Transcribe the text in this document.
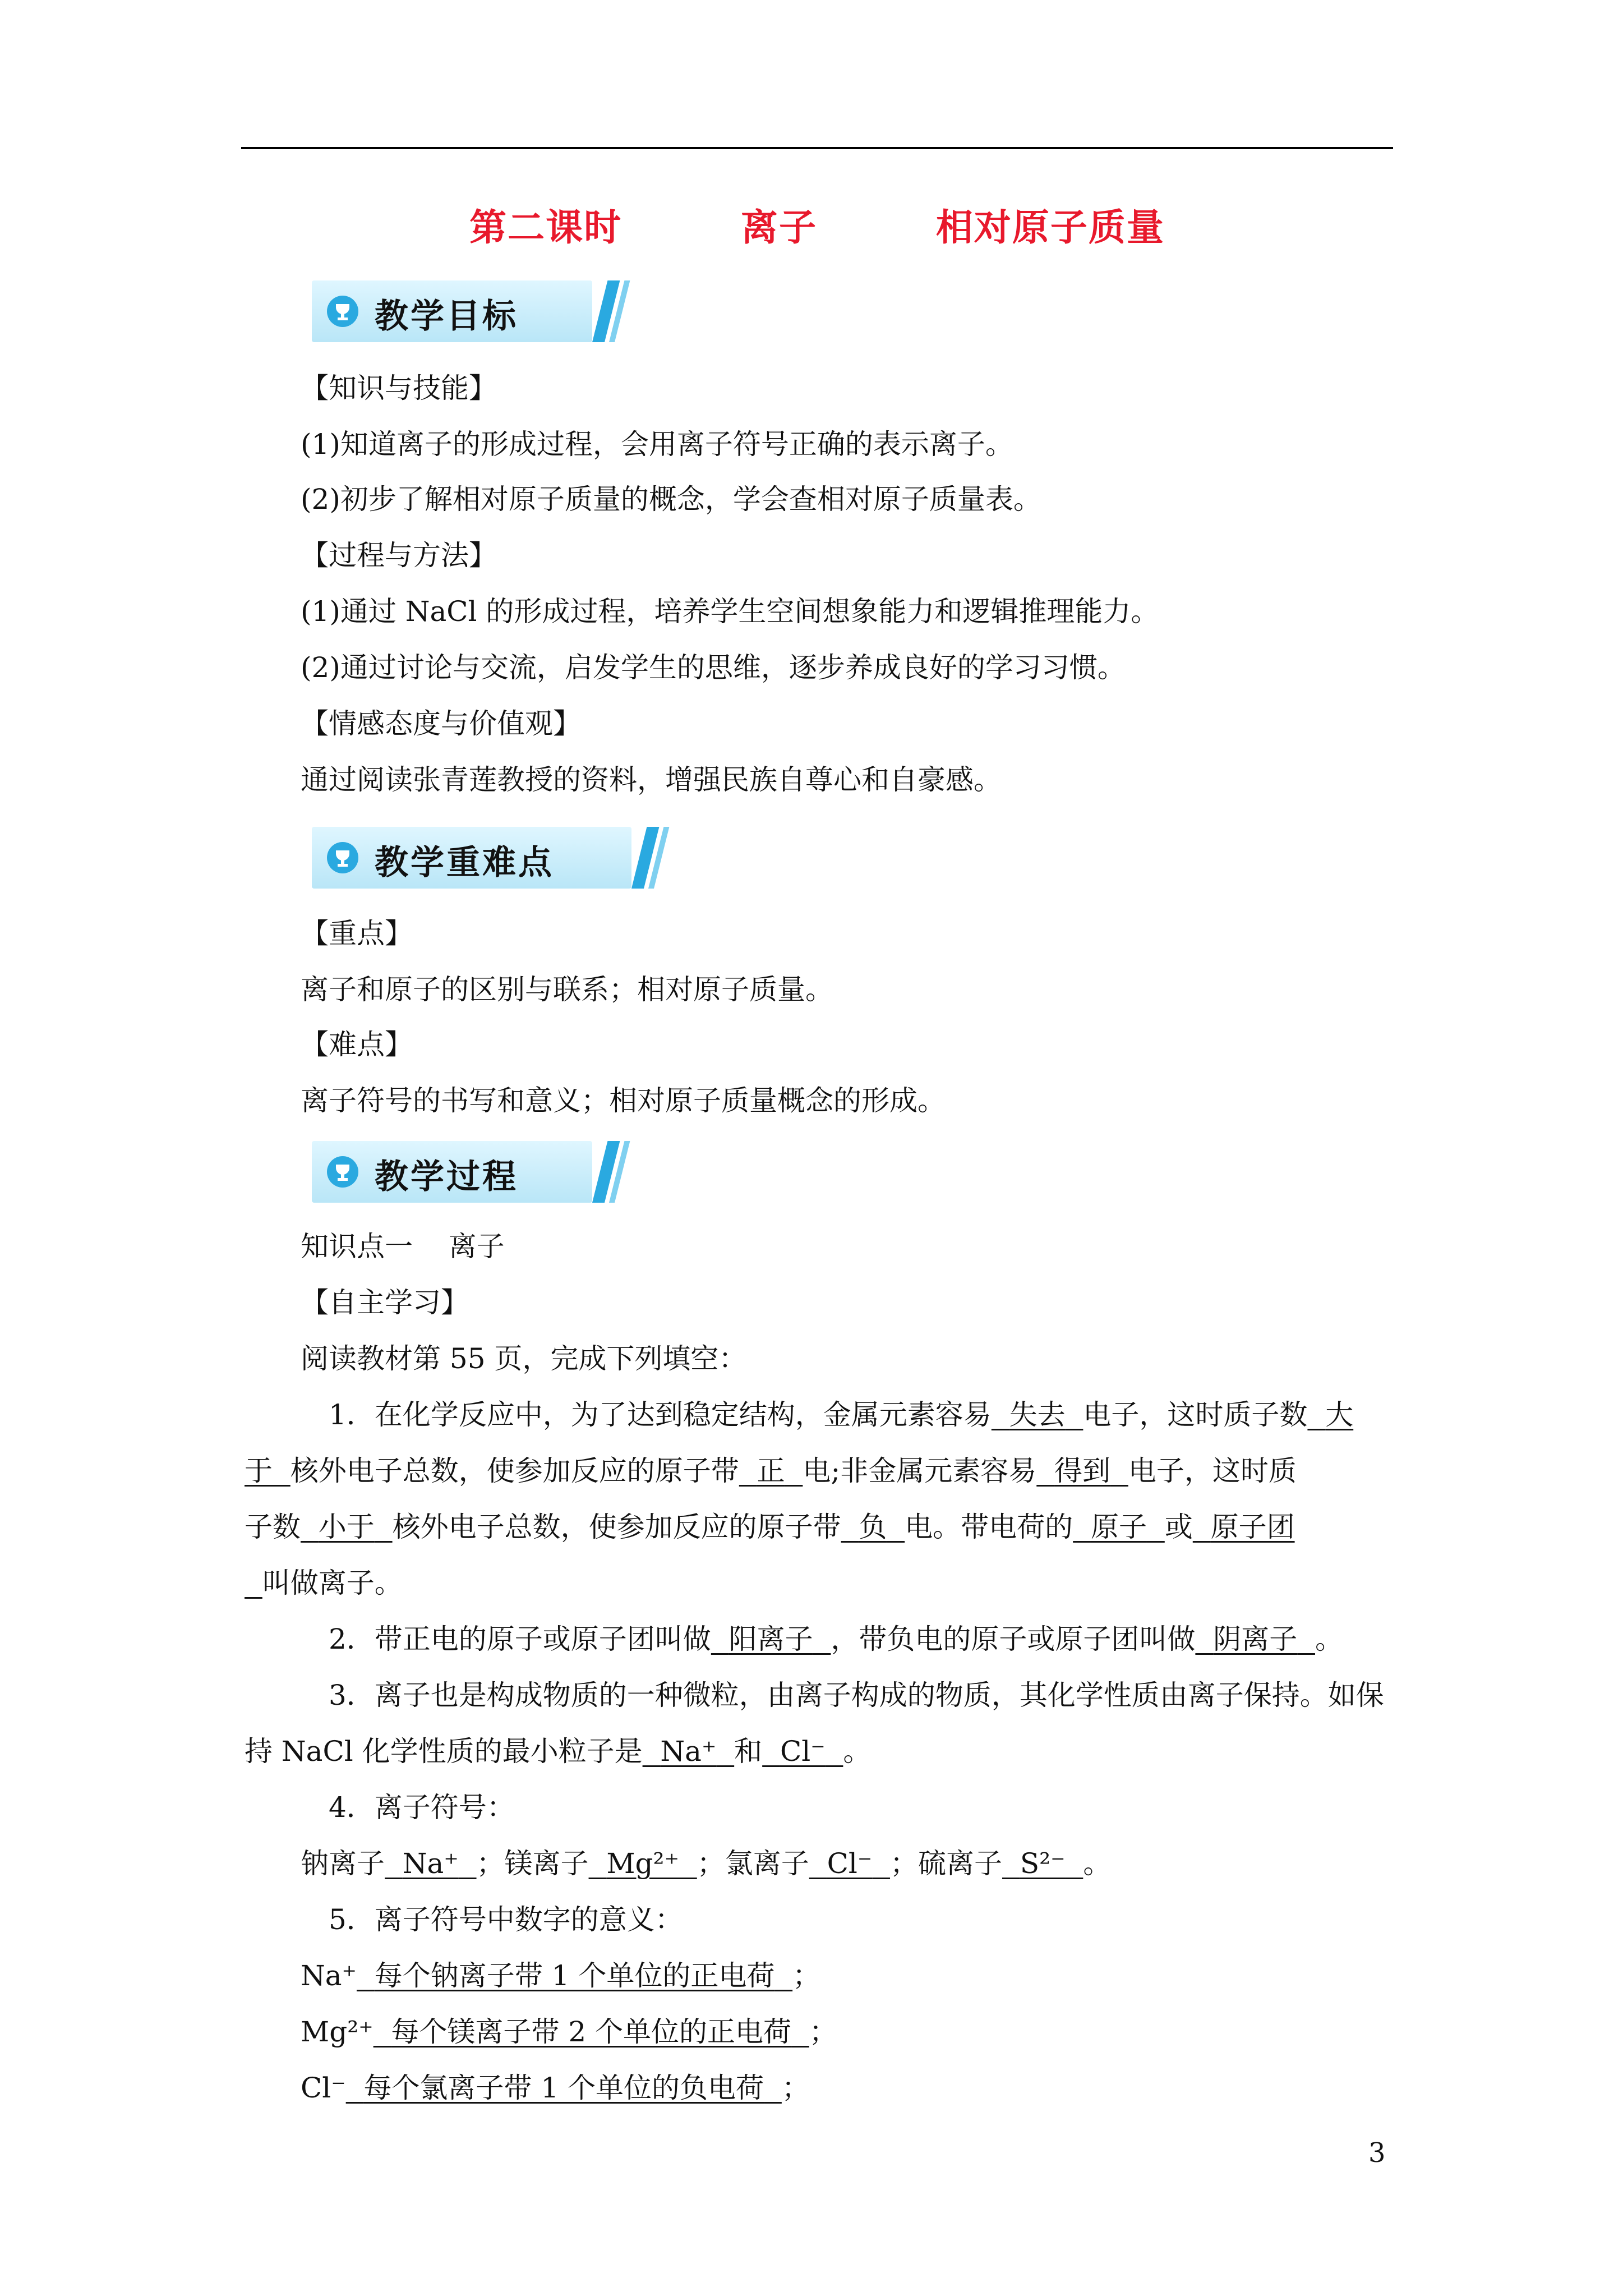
第二课时    离子    相对原子质量
教学目标
【知识与技能】
(1)知道离子的形成过程，会用离子符号正确的表示离子。
(2)初步了解相对原子质量的概念，学会查相对原子质量表。
【过程与方法】
(1)通过 NaCl 的形成过程，培养学生空间想象能力和逻辑推理能力。
(2)通过讨论与交流，启发学生的思维，逐步养成良好的学习习惯。
【情感态度与价值观】
通过阅读张青莲教授的资料，增强民族自尊心和自豪感。
教学重难点
【重点】
离子和原子的区别与联系；相对原子质量。
【难点】
离子符号的书写和意义；相对原子质量概念的形成。
教学过程
知识点一    离子
【自主学习】
阅读教材第 55 页，完成下列填空：
1．在化学反应中，为了达到稳定结构，金属元素容易 失去 电子，这时质子数 大
于 核外电子总数，使参加反应的原子带 正 电;非金属元素容易 得到 电子，这时质
子数 小于 核外电子总数，使参加反应的原子带 负 电。带电荷的 原子 或 原子团
叫做离子。
2．带正电的原子或原子团叫做 阳离子 ，带负电的原子或原子团叫做 阴离子 。
3．离子也是构成物质的一种微粒，由离子构成的物质，其化学性质由离子保持。如保
持 NaCl 化学性质的最小粒子是 Na⁺ 和 Cl⁻ 。
4．离子符号：
钠离子 Na⁺ ；镁离子 Mg²⁺ ；氯离子 Cl⁻ ；硫离子 S²⁻ 。
5．离子符号中数字的意义：
Na⁺ 每个钠离子带 1 个单位的正电荷 ；
Mg²⁺ 每个镁离子带 2 个单位的正电荷 ；
Cl⁻ 每个氯离子带 1 个单位的负电荷 ；
3
